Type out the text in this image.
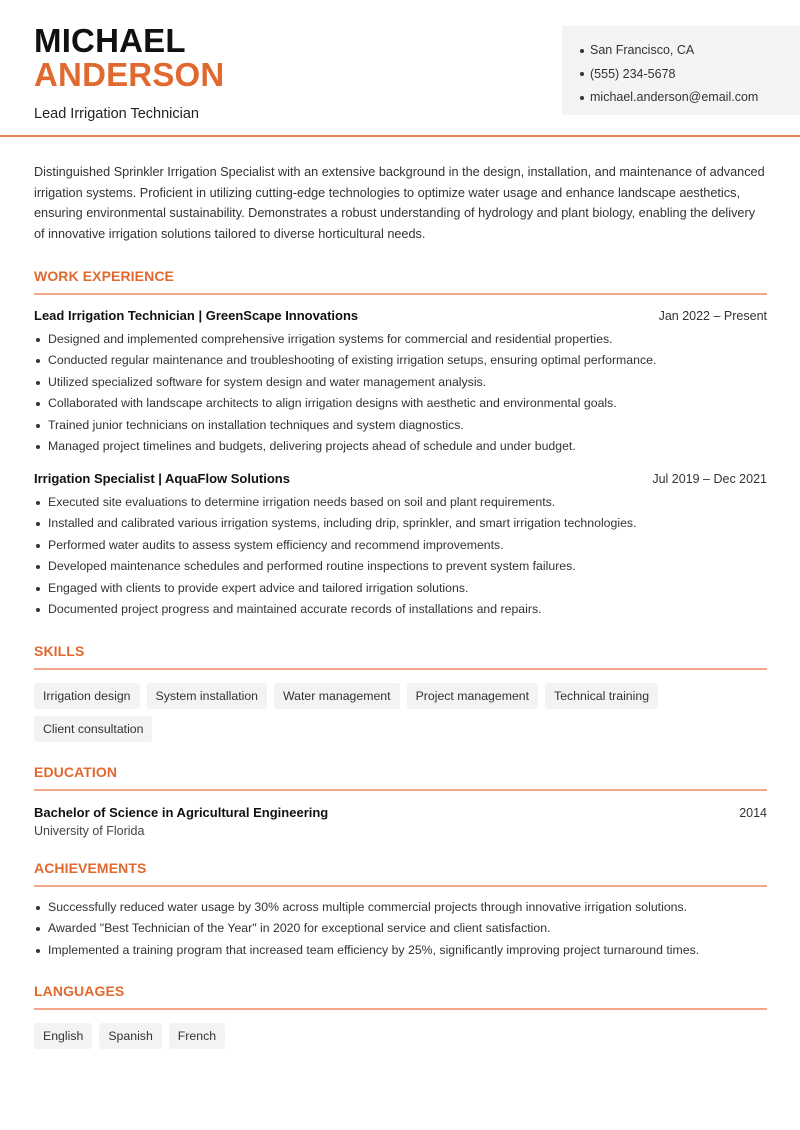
MICHAEL
ANDERSON
Lead Irrigation Technician
San Francisco, CA
(555) 234-5678
michael.anderson@email.com

Distinguished Sprinkler Irrigation Specialist with an extensive background in the design, installation, and maintenance of advanced irrigation systems. Proficient in utilizing cutting-edge technologies to optimize water usage and enhance landscape aesthetics, ensuring environmental sustainability. Demonstrates a robust understanding of hydrology and plant biology, enabling the delivery of innovative irrigation solutions tailored to diverse horticultural needs.

WORK EXPERIENCE
Lead Irrigation Technician | GreenScape Innovations	Jan 2022 – Present
Designed and implemented comprehensive irrigation systems for commercial and residential properties.
Conducted regular maintenance and troubleshooting of existing irrigation setups, ensuring optimal performance.
Utilized specialized software for system design and water management analysis.
Collaborated with landscape architects to align irrigation designs with aesthetic and environmental goals.
Trained junior technicians on installation techniques and system diagnostics.
Managed project timelines and budgets, delivering projects ahead of schedule and under budget.
Irrigation Specialist | AquaFlow Solutions	Jul 2019 – Dec 2021
Executed site evaluations to determine irrigation needs based on soil and plant requirements.
Installed and calibrated various irrigation systems, including drip, sprinkler, and smart irrigation technologies.
Performed water audits to assess system efficiency and recommend improvements.
Developed maintenance schedules and performed routine inspections to prevent system failures.
Engaged with clients to provide expert advice and tailored irrigation solutions.
Documented project progress and maintained accurate records of installations and repairs.
SKILLS
Irrigation design	System installation	Water management	Project management	Technical training
Client consultation
EDUCATION
Bachelor of Science in Agricultural Engineering	2014
University of Florida
ACHIEVEMENTS
Successfully reduced water usage by 30% across multiple commercial projects through innovative irrigation solutions.
Awarded "Best Technician of the Year" in 2020 for exceptional service and client satisfaction.
Implemented a training program that increased team efficiency by 25%, significantly improving project turnaround times.
LANGUAGES
English	Spanish	French
